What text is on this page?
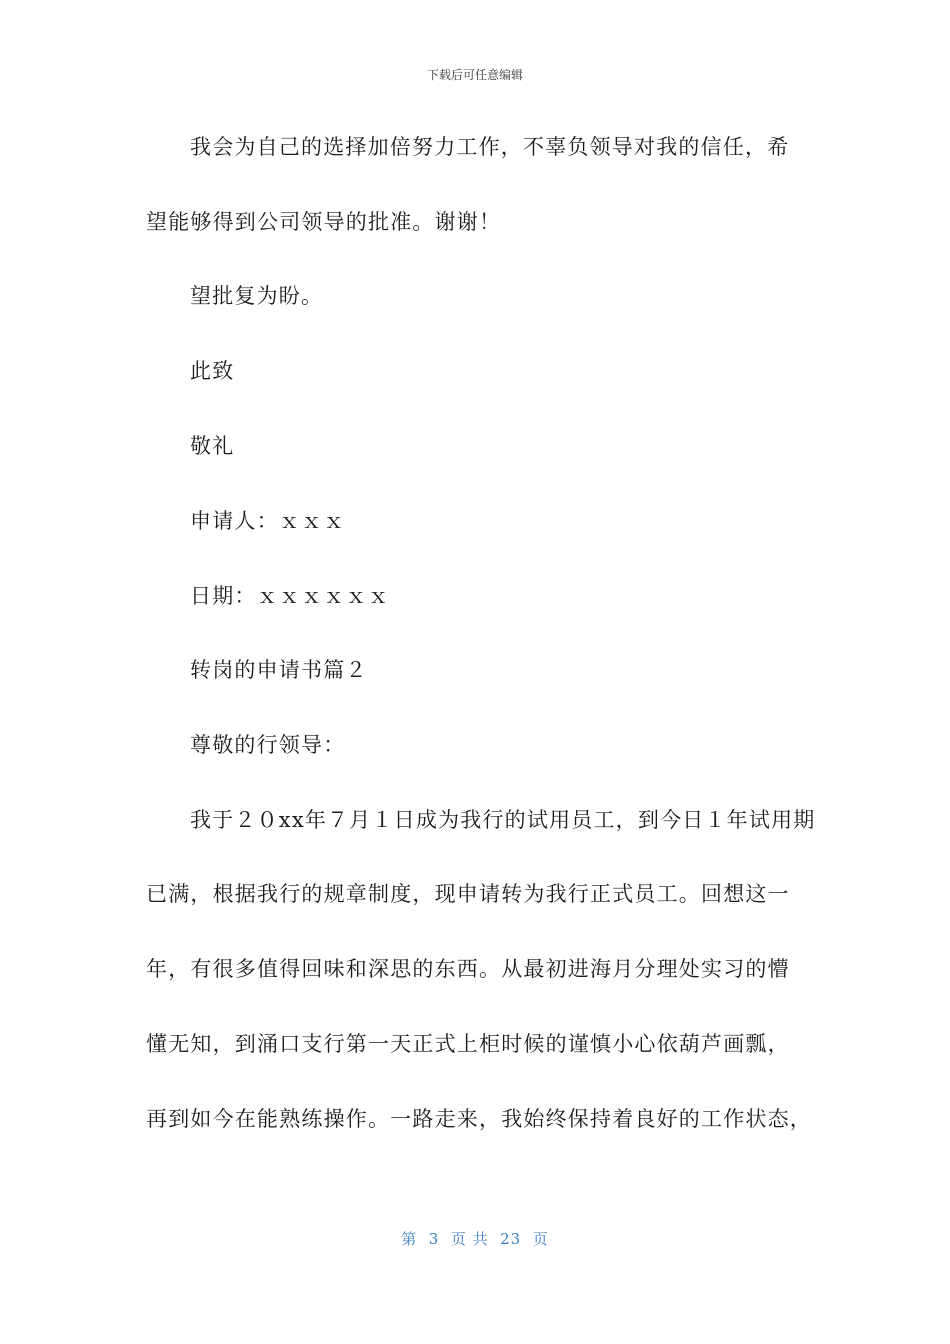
下载后可任意编辑
我会为自己的选择加倍努力工作，不辜负领导对我的信任，希
望能够得到公司领导的批准。谢谢！
望批复为盼。
此致
敬礼
申请人：ｘｘｘ
日期：ｘｘｘｘｘｘ
转岗的申请书篇２
尊敬的行领导：
我于２０xx年７月１日成为我行的试用员工，到今日１年试用期
已满，根据我行的规章制度，现申请转为我行正式员工。回想这一
年，有很多值得回味和深思的东西。从最初进海月分理处实习的懵
懂无知，到涌口支行第一天正式上柜时候的谨慎小心依葫芦画瓢，
再到如今在能熟练操作。一路走来，我始终保持着良好的工作状态，
第  3  页 共  23  页
